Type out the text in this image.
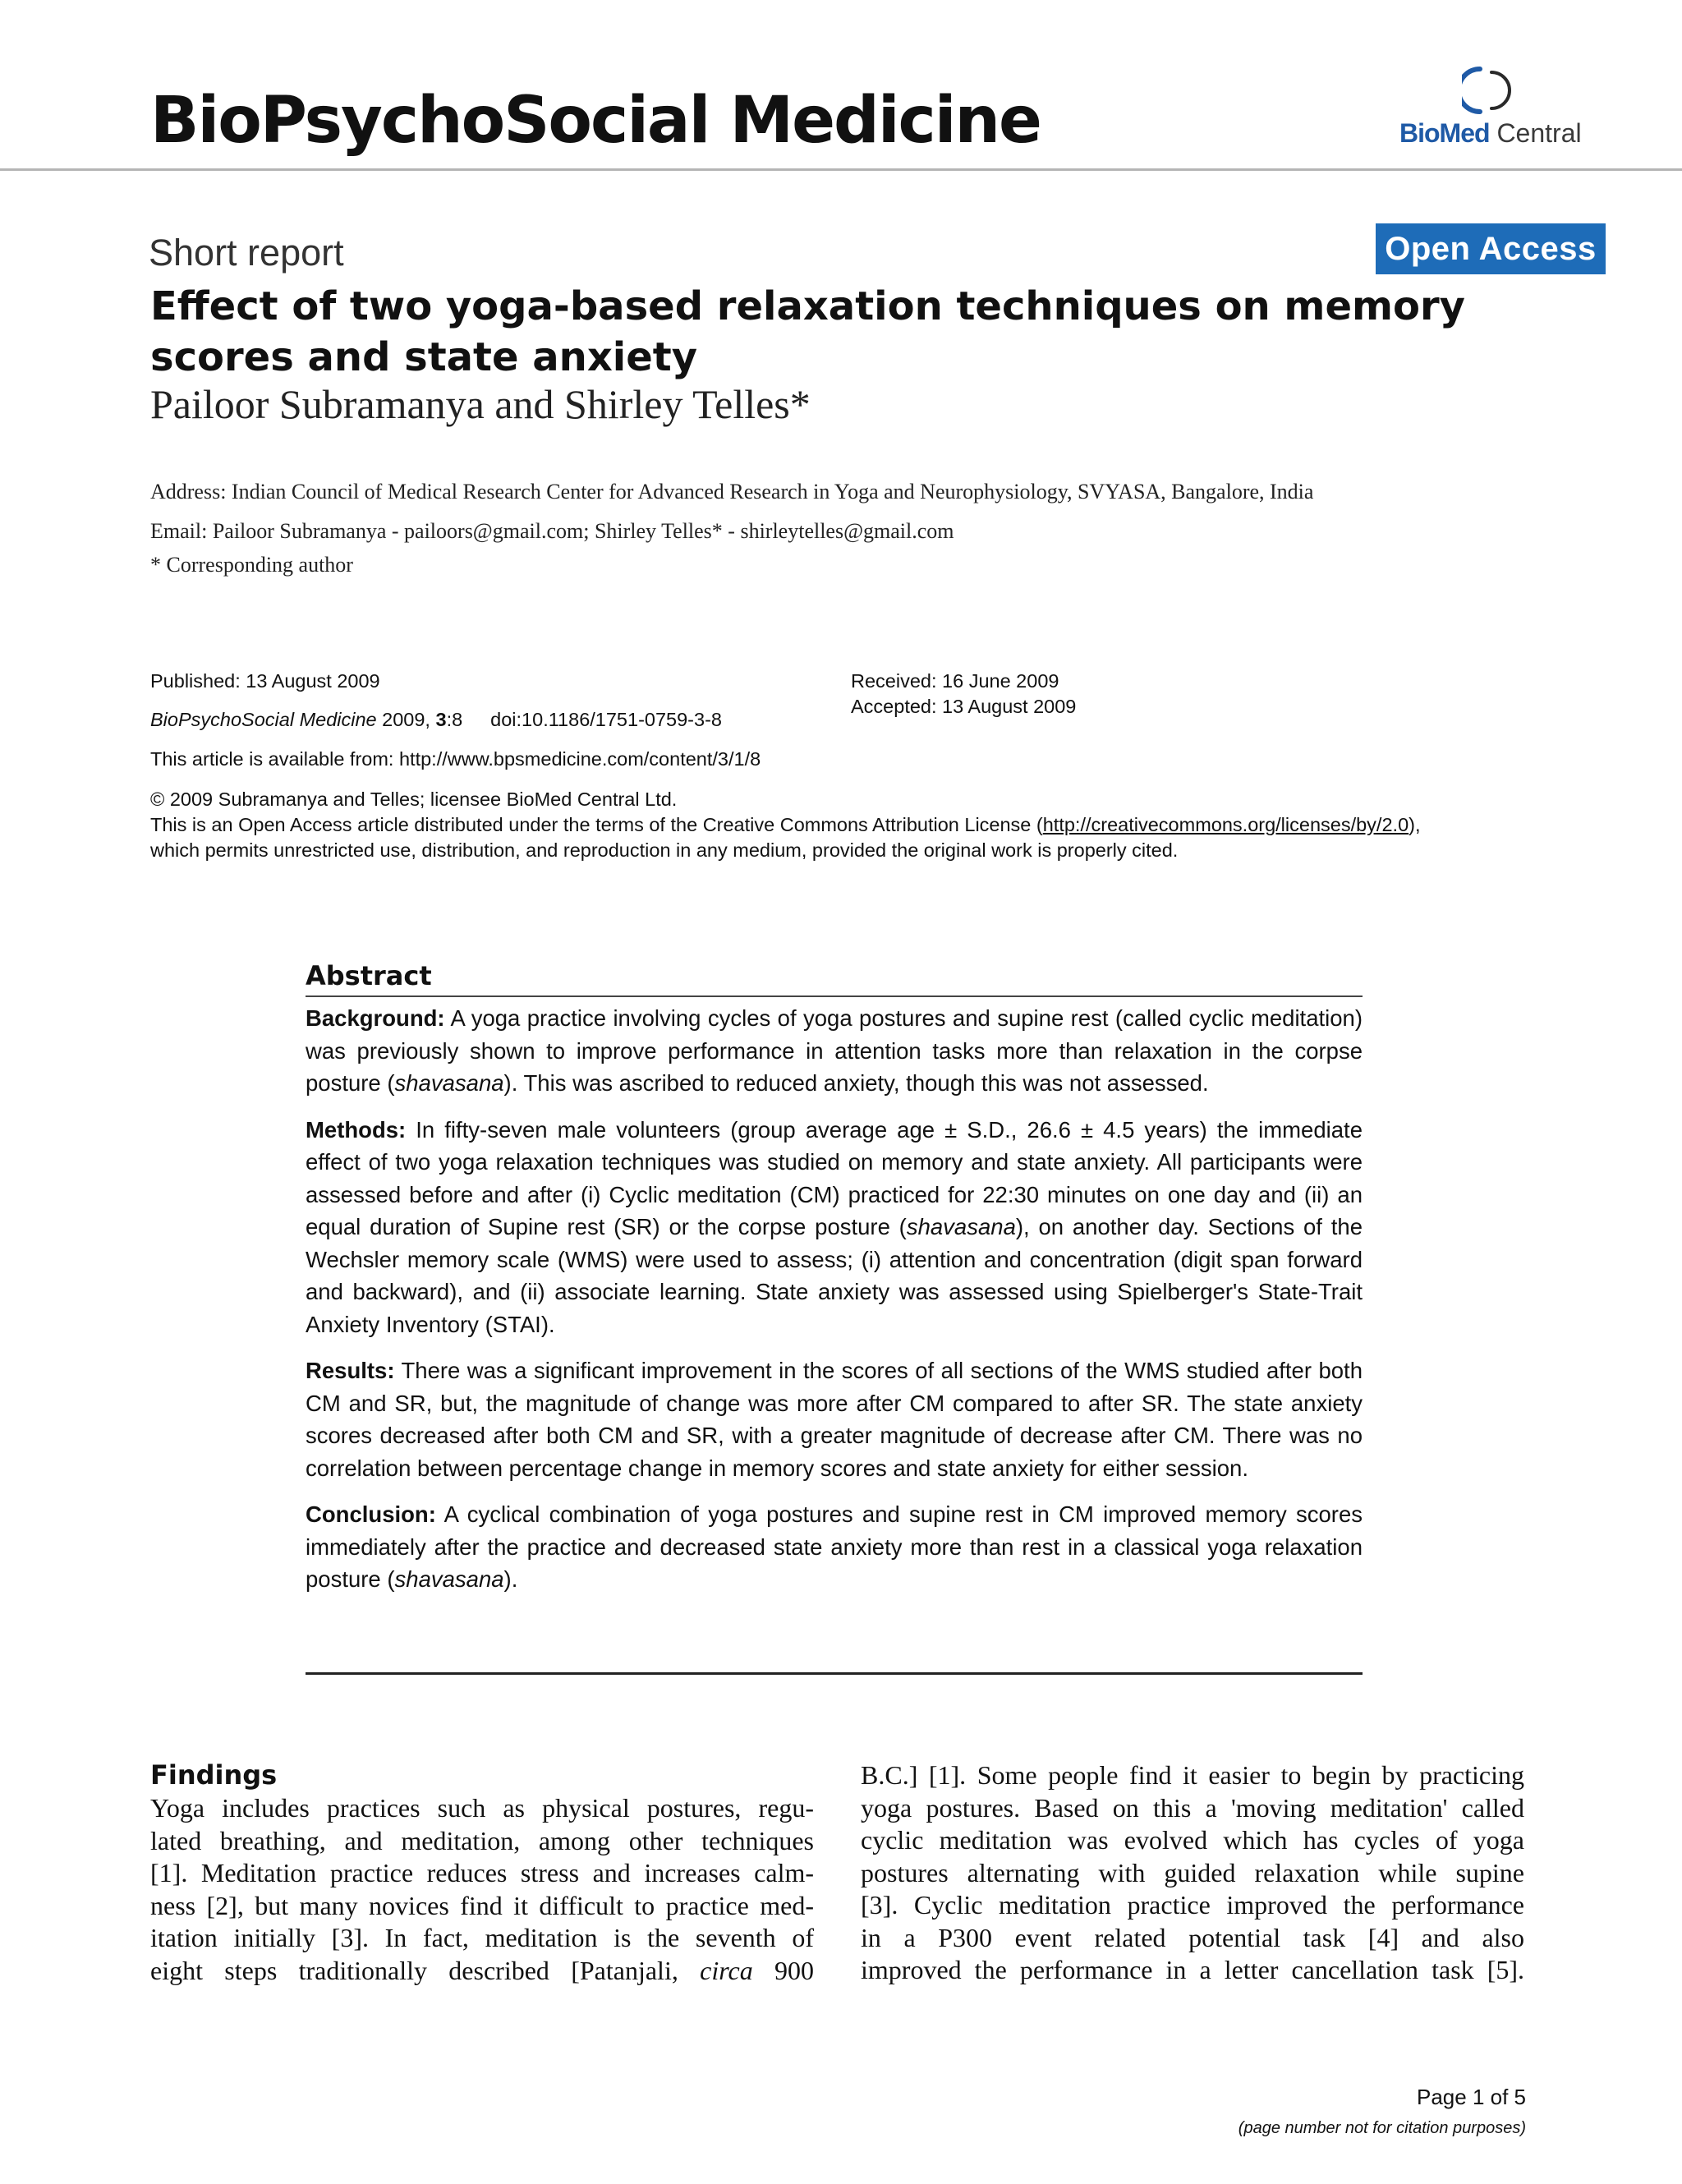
BioPsychoSocial Medicine	BioMed Central
Short report	Open Access
Effect of two yoga-based relaxation techniques on memory scores and state anxiety
Pailoor Subramanya and Shirley Telles*
Address: Indian Council of Medical Research Center for Advanced Research in Yoga and Neurophysiology, SVYASA, Bangalore, India
Email: Pailoor Subramanya - pailoors@gmail.com; Shirley Telles* - shirleytelles@gmail.com
* Corresponding author
Published: 13 August 2009
BioPsychoSocial Medicine 2009, 3:8 doi:10.1186/1751-0759-3-8
This article is available from: http://www.bpsmedicine.com/content/3/1/8
Received: 16 June 2009
Accepted: 13 August 2009
© 2009 Subramanya and Telles; licensee BioMed Central Ltd.
This is an Open Access article distributed under the terms of the Creative Commons Attribution License (http://creativecommons.org/licenses/by/2.0),
which permits unrestricted use, distribution, and reproduction in any medium, provided the original work is properly cited.
Abstract

Background: A yoga practice involving cycles of yoga postures and supine rest (called cyclic meditation) was previously shown to improve performance in attention tasks more than relaxation in the corpse posture (shavasana). This was ascribed to reduced anxiety, though this was not assessed.

Methods: In fifty-seven male volunteers (group average age ± S.D., 26.6 ± 4.5 years) the immediate effect of two yoga relaxation techniques was studied on memory and state anxiety. All participants were assessed before and after (i) Cyclic meditation (CM) practiced for 22:30 minutes on one day and (ii) an equal duration of Supine rest (SR) or the corpse posture (shavasana), on another day. Sections of the Wechsler memory scale (WMS) were used to assess; (i) attention and concentration (digit span forward and backward), and (ii) associate learning. State anxiety was assessed using Spielberger's State-Trait Anxiety Inventory (STAI).

Results: There was a significant improvement in the scores of all sections of the WMS studied after both CM and SR, but, the magnitude of change was more after CM compared to after SR. The state anxiety scores decreased after both CM and SR, with a greater magnitude of decrease after CM. There was no correlation between percentage change in memory scores and state anxiety for either session.

Conclusion: A cyclical combination of yoga postures and supine rest in CM improved memory scores immediately after the practice and decreased state anxiety more than rest in a classical yoga relaxation posture (shavasana).

Findings
Yoga includes practices such as physical postures, regu-
lated breathing, and meditation, among other techniques
[1]. Meditation practice reduces stress and increases calm-
ness [2], but many novices find it difficult to practice med-
itation initially [3]. In fact, meditation is the seventh of
eight steps traditionally described [Patanjali, circa 900
B.C.] [1]. Some people find it easier to begin by practicing
yoga postures. Based on this a 'moving meditation' called
cyclic meditation was evolved which has cycles of yoga
postures alternating with guided relaxation while supine
[3]. Cyclic meditation practice improved the performance
in a P300 event related potential task [4] and also
improved the performance in a letter cancellation task [5].
Page 1 of 5
(page number not for citation purposes)
